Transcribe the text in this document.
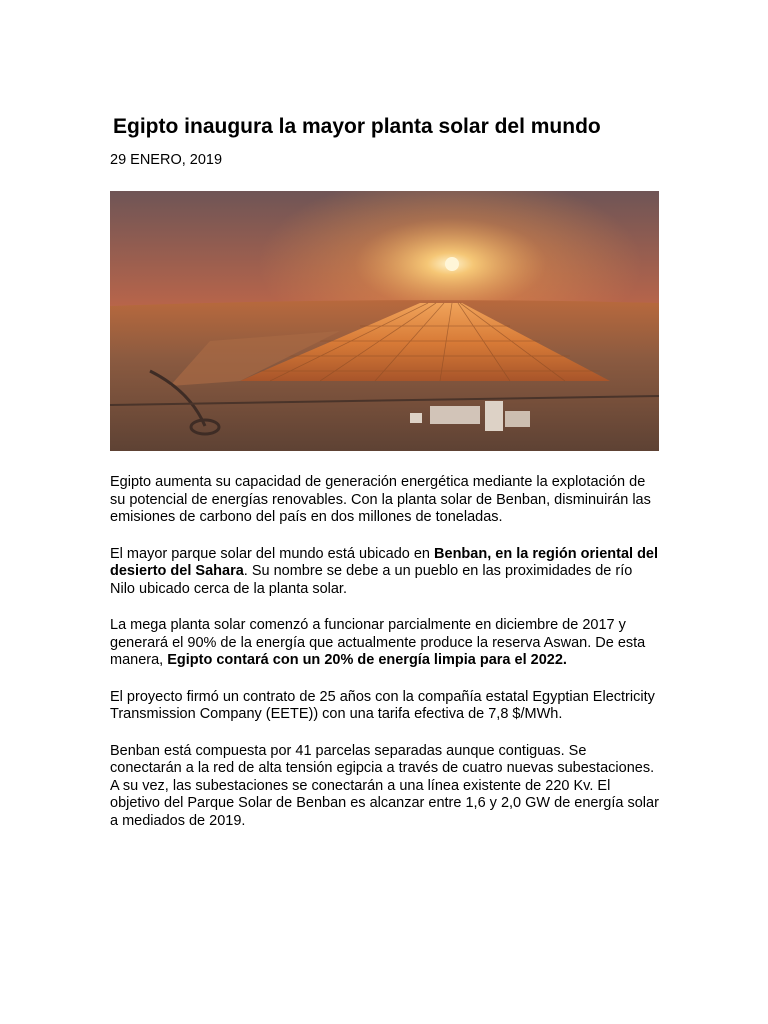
Egipto inaugura la mayor planta solar del mundo
29 ENERO, 2019

Egipto aumenta su capacidad de generación energética mediante la explotación de su potencial de energías renovables. Con la planta solar de Benban, disminuirán las emisiones de carbono del país en dos millones de toneladas.

El mayor parque solar del mundo está ubicado en Benban, en la región oriental del desierto del Sahara. Su nombre se debe a un pueblo en las proximidades de río Nilo ubicado cerca de la planta solar.

La mega planta solar comenzó a funcionar parcialmente en diciembre de 2017 y generará el 90% de la energía que actualmente produce la reserva Aswan. De esta manera, Egipto contará con un 20% de energía limpia para el 2022.

El proyecto firmó un contrato de 25 años con la compañía estatal Egyptian Electricity Transmission Company (EETE)) con una tarifa efectiva de 7,8 $/MWh.

Benban está compuesta por 41 parcelas separadas aunque contiguas. Se conectarán a la red de alta tensión egipcia a través de cuatro nuevas subestaciones. A su vez, las subestaciones se conectarán a una línea existente de 220 Kv. El objetivo del Parque Solar de Benban es alcanzar entre 1,6 y 2,0 GW de energía solar a mediados de 2019.
